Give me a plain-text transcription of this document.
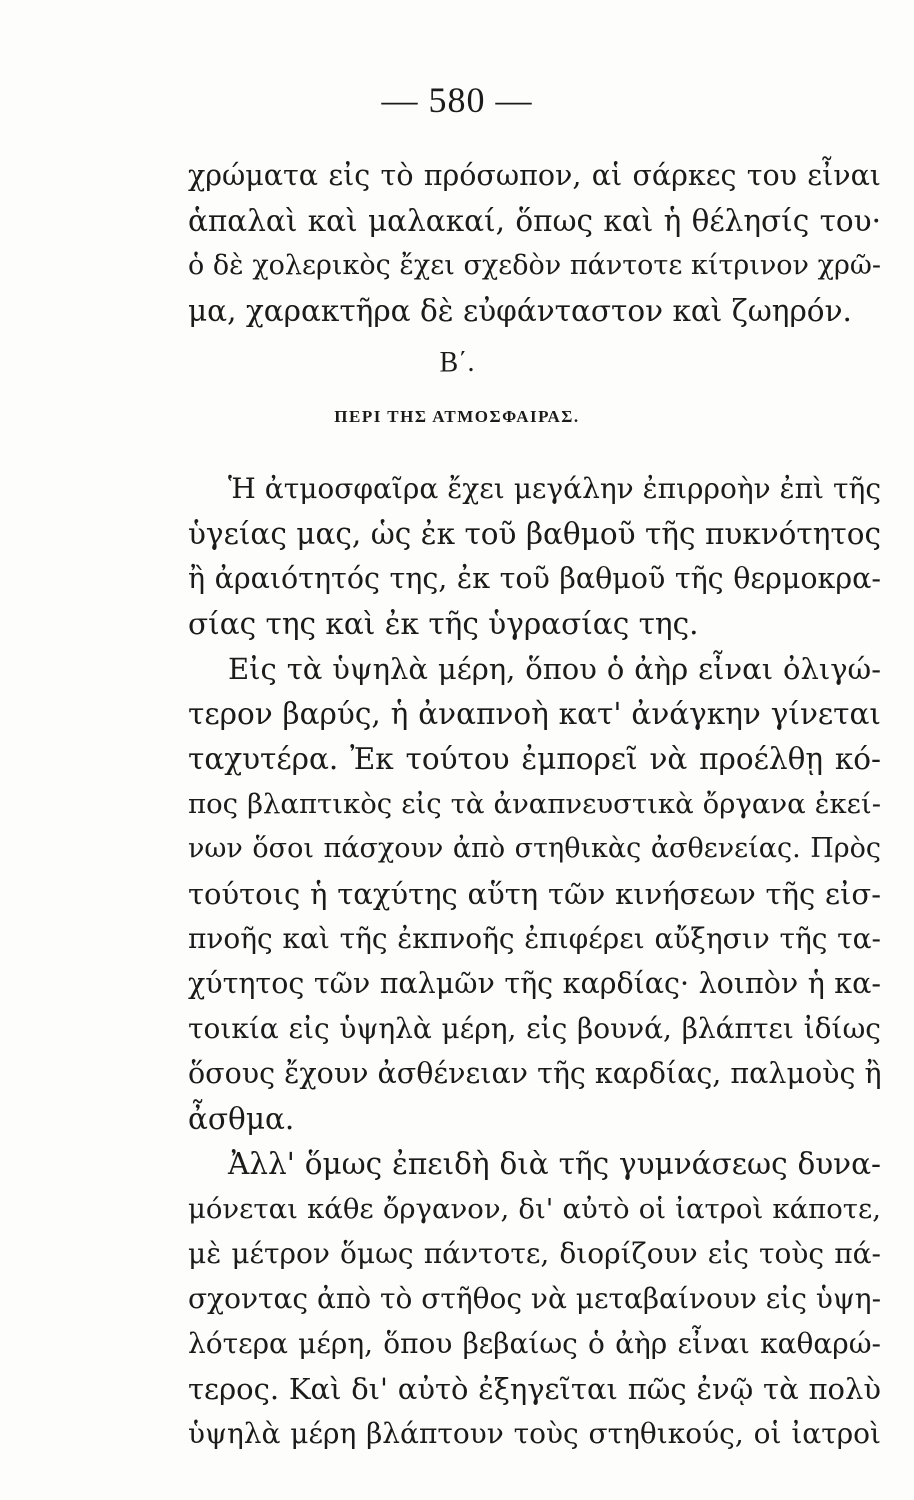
— 580 —
χρώματα εἰς τὸ πρόσωπον, αἱ σάρκες του εἶναι
ἁπαλαὶ καὶ μαλακαί, ὅπως καὶ ἡ θέλησίς του·
ὁ δὲ χολερικὸς ἔχει σχεδὸν πάντοτε κίτρινον χρῶ-
μα, χαρακτῆρα δὲ εὐφάνταστον καὶ ζωηρόν.
Β΄.
ΠΕΡΙ ΤΗΣ ΑΤΜΟΣΦΑΙΡΑΣ.
Ἡ ἀτμοσφαῖρα ἔχει μεγάλην ἐπιρροὴν ἐπὶ τῆς
ὑγείας μας, ὡς ἐκ τοῦ βαθμοῦ τῆς πυκνότητος
ἢ ἀραιότητός της, ἐκ τοῦ βαθμοῦ τῆς θερμοκρα-
σίας της καὶ ἐκ τῆς ὑγρασίας της.
Εἰς τὰ ὑψηλὰ μέρη, ὅπου ὁ ἀὴρ εἶναι ὀλιγώ-
τερον βαρύς, ἡ ἀναπνοὴ κατ' ἀνάγκην γίνεται
ταχυτέρα. Ἐκ τούτου ἐμπορεῖ νὰ προέλθῃ κό-
πος βλαπτικὸς εἰς τὰ ἀναπνευστικὰ ὄργανα ἐκεί-
νων ὅσοι πάσχουν ἀπὸ στηθικὰς ἀσθενείας. Πρὸς
τούτοις ἡ ταχύτης αὕτη τῶν κινήσεων τῆς εἰσ-
πνοῆς καὶ τῆς ἐκπνοῆς ἐπιφέρει αὔξησιν τῆς τα-
χύτητος τῶν παλμῶν τῆς καρδίας· λοιπὸν ἡ κα-
τοικία εἰς ὑψηλὰ μέρη, εἰς βουνά, βλάπτει ἰδίως
ὅσους ἔχουν ἀσθένειαν τῆς καρδίας, παλμοὺς ἢ
ἆσθμα.
Ἀλλ' ὅμως ἐπειδὴ διὰ τῆς γυμνάσεως δυνα-
μόνεται κάθε ὄργανον, δι' αὐτὸ οἱ ἰατροὶ κάποτε,
μὲ μέτρον ὅμως πάντοτε, διορίζουν εἰς τοὺς πά-
σχοντας ἀπὸ τὸ στῆθος νὰ μεταβαίνουν εἰς ὑψη-
λότερα μέρη, ὅπου βεβαίως ὁ ἀὴρ εἶναι καθαρώ-
τερος. Καὶ δι' αὐτὸ ἐξηγεῖται πῶς ἐνῷ τὰ πολὺ
ὑψηλὰ μέρη βλάπτουν τοὺς στηθικούς, οἱ ἰατροὶ
